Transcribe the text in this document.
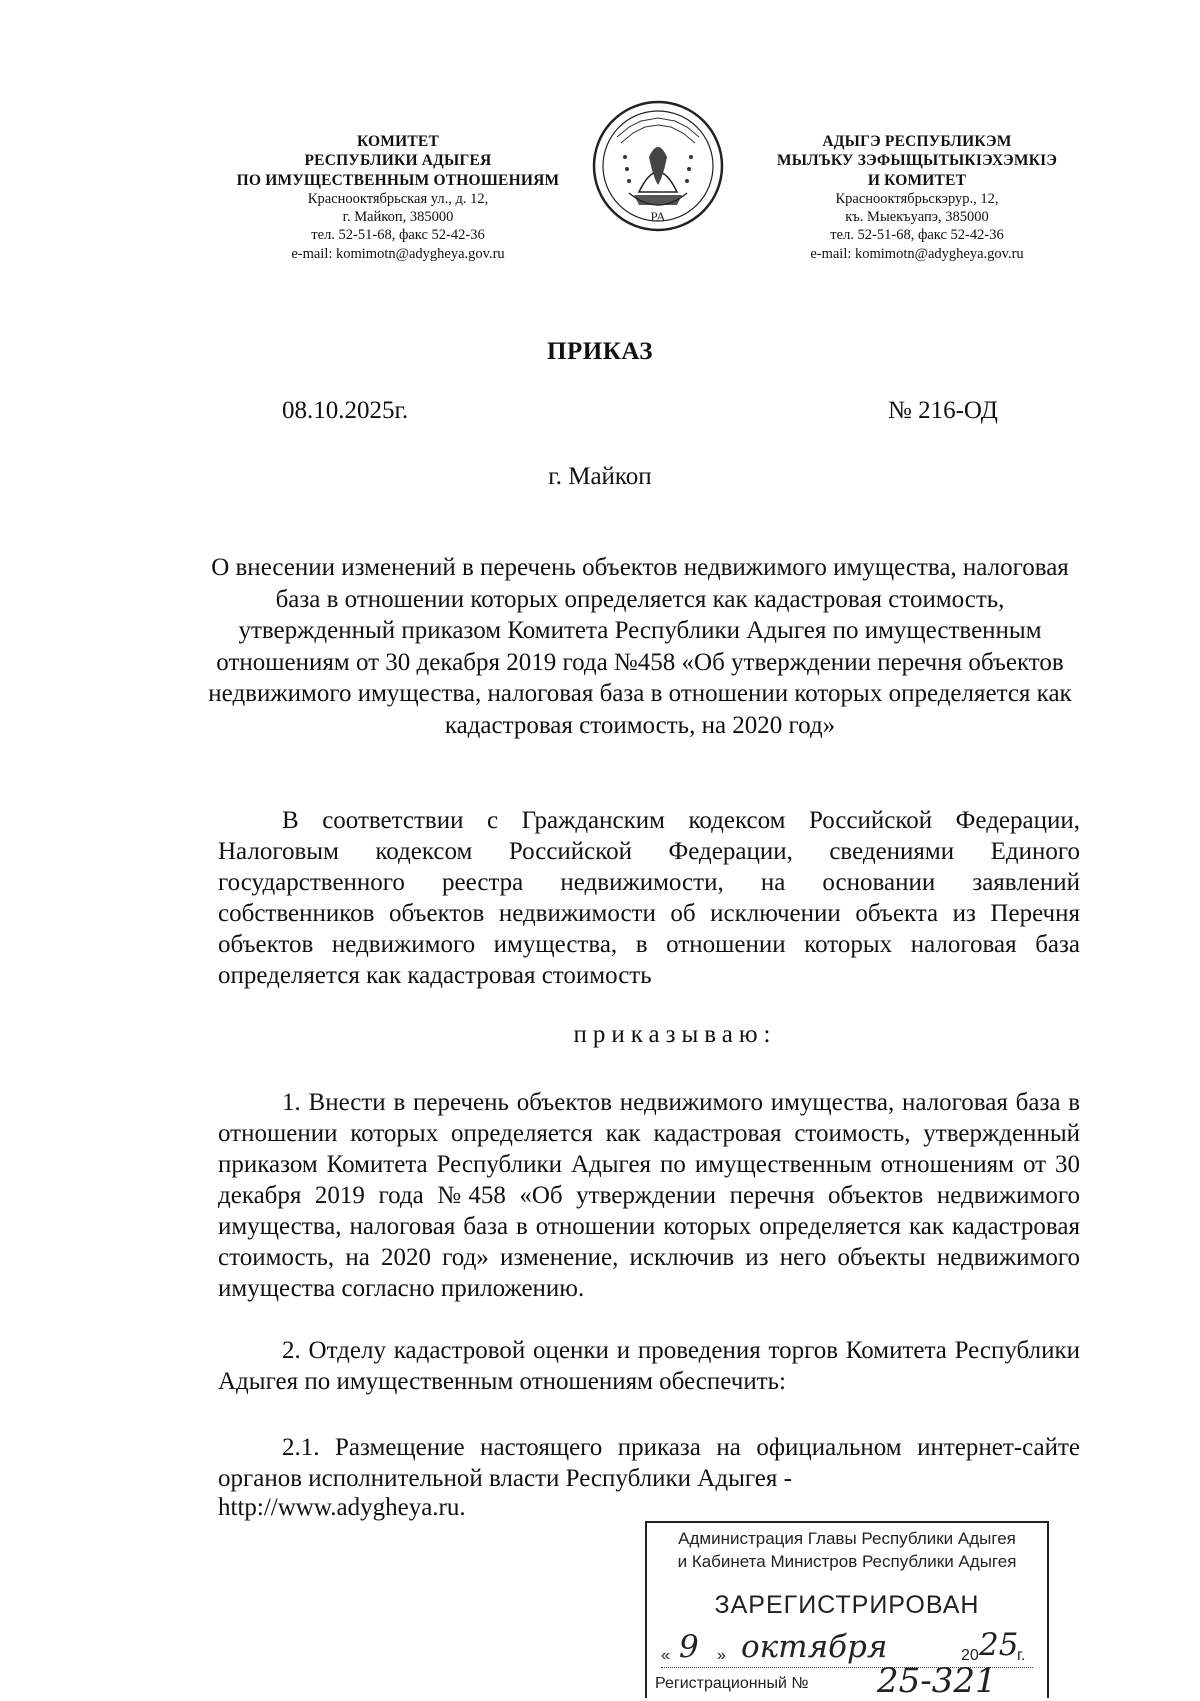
КОМИТЕТ
РЕСПУБЛИКИ АДЫГЕЯ
ПО ИМУЩЕСТВЕННЫМ ОТНОШЕНИЯМ
Краснооктябрьская ул., д. 12,
г. Майкоп, 385000
тел. 52-51-68, факс 52-42-36
e-mail: komimotn@adygheya.gov.ru
РА
АДЫГЭ РЕСПУБЛИКЭМ
МЫЛЪКУ ЗЭФЫЩЫТЫКIЭХЭМКIЭ
И КОМИТЕТ
Краснооктябрьскэрур., 12,
къ. Мыекъуапэ, 385000
тел. 52-51-68, факс 52-42-36
e-mail: komimotn@adygheya.gov.ru
ПРИКАЗ
08.10.2025г.	№ 216-ОД
г. Майкоп
О внесении изменений в перечень объектов недвижимого имущества, налоговая база в отношении которых определяется как кадастровая стоимость, утвержденный приказом Комитета Республики Адыгея по имущественным отношениям от 30 декабря 2019 года №458 «Об утверждении перечня объектов недвижимого имущества, налоговая база в отношении которых определяется как кадастровая стоимость, на 2020 год»
В соответствии с Гражданским кодексом Российской Федерации, Налоговым кодексом Российской Федерации, сведениями Единого государственного реестра недвижимости, на основании заявлений собственников объектов недвижимости об исключении объекта из Перечня объектов недвижимого имущества, в отношении которых налоговая база определяется как кадастровая стоимость
приказываю:
1. Внести в перечень объектов недвижимого имущества, налоговая база в отношении которых определяется как кадастровая стоимость, утвержденный приказом Комитета Республики Адыгея по имущественным отношениям от 30 декабря 2019 года №458 «Об утверждении перечня объектов недвижимого имущества, налоговая база в отношении которых определяется как кадастровая стоимость, на 2020 год» изменение, исключив из него объекты недвижимого имущества согласно приложению.
2. Отделу кадастровой оценки и проведения торгов Комитета Республики Адыгея по имущественным отношениям обеспечить:
2.1. Размещение настоящего приказа на официальном интернет-сайте органов исполнительной власти Республики Адыгея -
http://www.adygheya.ru.
Администрация Главы Республики Адыгея
и Кабинета Министров Республики Адыгея
ЗАРЕГИСТРИРОВАН
« 9 » октября	20 25
г.
Регистрационный № 25-321
